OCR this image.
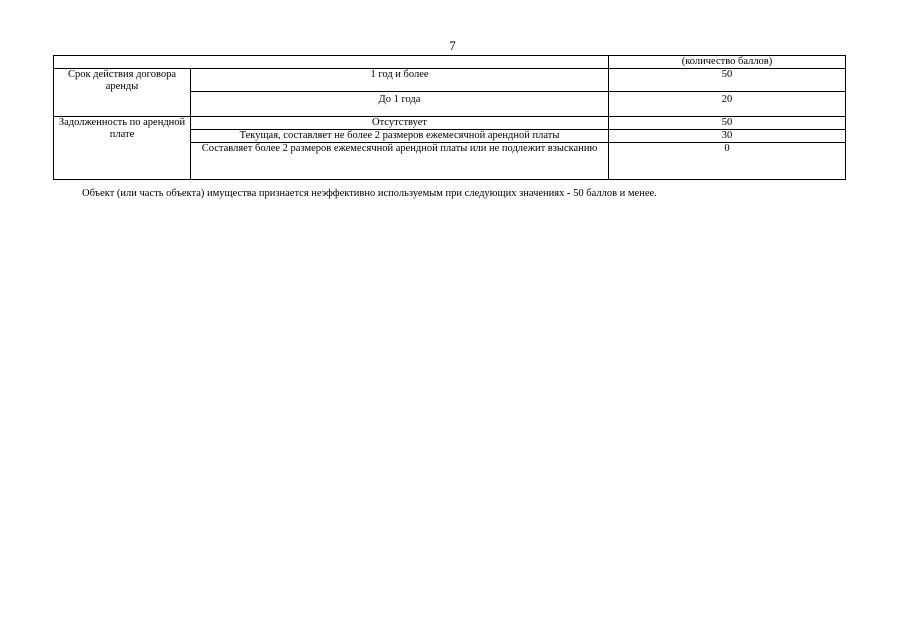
7
		(количество баллов)
Срок действия договора аренды	1 год и более	50
	До 1 года	20
Задолженность по арендной плате	Отсутствует	50
	Текущая, составляет не более 2 размеров ежемесячной арендной платы	30
	Составляет более 2 размеров ежемесячной арендной платы или не подлежит взысканию	0
Объект (или часть объекта) имущества признается неэффективно используемым при следующих значениях - 50 баллов и менее.
